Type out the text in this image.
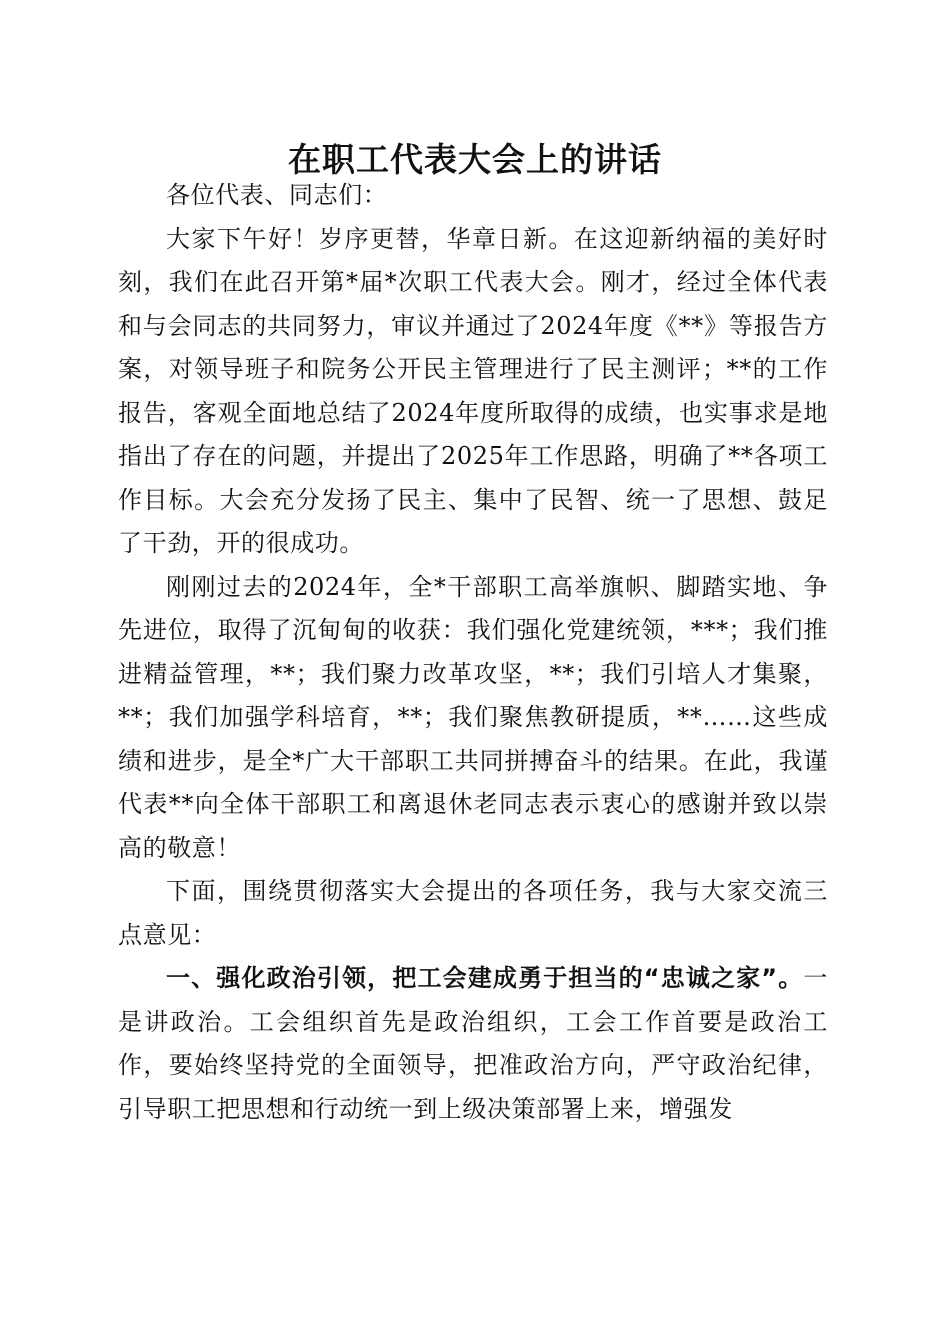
在职工代表大会上的讲话

各位代表、同志们：

大家下午好！岁序更替，华章日新。在这迎新纳福的美好时刻，我们在此召开第*届*次职工代表大会。刚才，经过全体代表和与会同志的共同努力，审议并通过了2024年度《**》等报告方案，对领导班子和院务公开民主管理进行了民主测评；**的工作报告，客观全面地总结了2024年度所取得的成绩，也实事求是地指出了存在的问题，并提出了2025年工作思路，明确了**各项工作目标。大会充分发扬了民主、集中了民智、统一了思想、鼓足了干劲，开的很成功。

刚刚过去的2024年，全*干部职工高举旗帜、脚踏实地、争先进位，取得了沉甸甸的收获：我们强化党建统领，***；我们推进精益管理，**；我们聚力改革攻坚，**；我们引培人才集聚，**；我们加强学科培育，**；我们聚焦教研提质，**……这些成绩和进步，是全*广大干部职工共同拼搏奋斗的结果。在此，我谨代表**向全体干部职工和离退休老同志表示衷心的感谢并致以崇高的敬意！

下面，围绕贯彻落实大会提出的各项任务，我与大家交流三点意见：

一、强化政治引领，把工会建成勇于担当的“忠诚之家”。一是讲政治。工会组织首先是政治组织，工会工作首要是政治工作，要始终坚持党的全面领导，把准政治方向，严守政治纪律，引导职工把思想和行动统一到上级决策部署上来，增强发
